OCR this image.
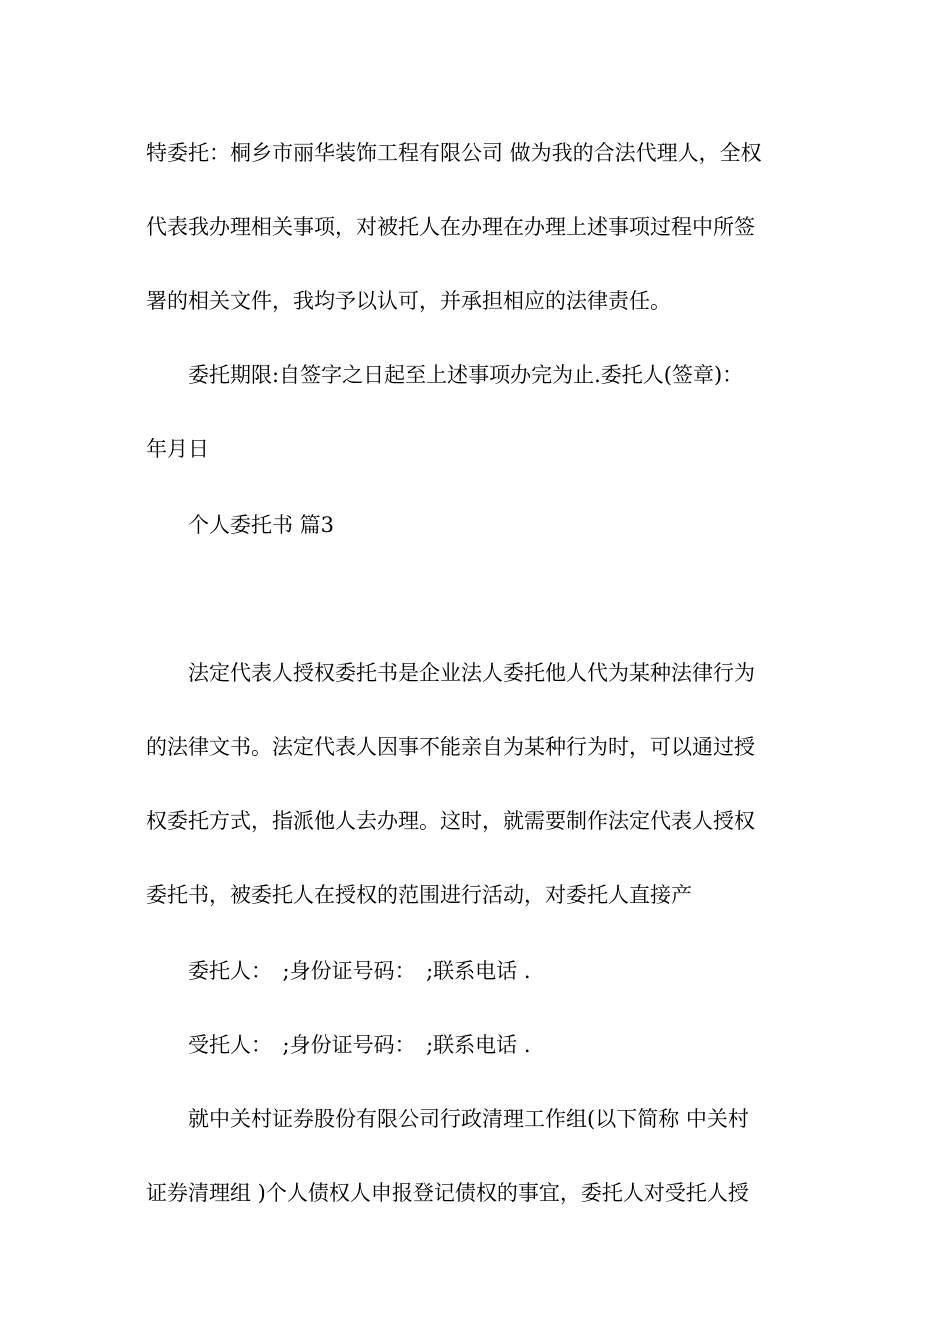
特委托：桐乡市丽华装饰工程有限公司 做为我的合法代理人，全权
代表我办理相关事项，对被托人在办理在办理上述事项过程中所签
署的相关文件，我均予以认可，并承担相应的法律责任。
委托期限:自签字之日起至上述事项办完为止.委托人(签章)：
年月日
个人委托书 篇3
法定代表人授权委托书是企业法人委托他人代为某种法律行为
的法律文书。法定代表人因事不能亲自为某种行为时，可以通过授
权委托方式，指派他人去办理。这时，就需要制作法定代表人授权
委托书，被委托人在授权的范围进行活动，对委托人直接产
委托人：　;身份证号码：　;联系电话 .
受托人：　;身份证号码：　;联系电话 .
就中关村证券股份有限公司行政清理工作组(以下简称 中关村
证券清理组 )个人债权人申报登记债权的事宜，委托人对受托人授
